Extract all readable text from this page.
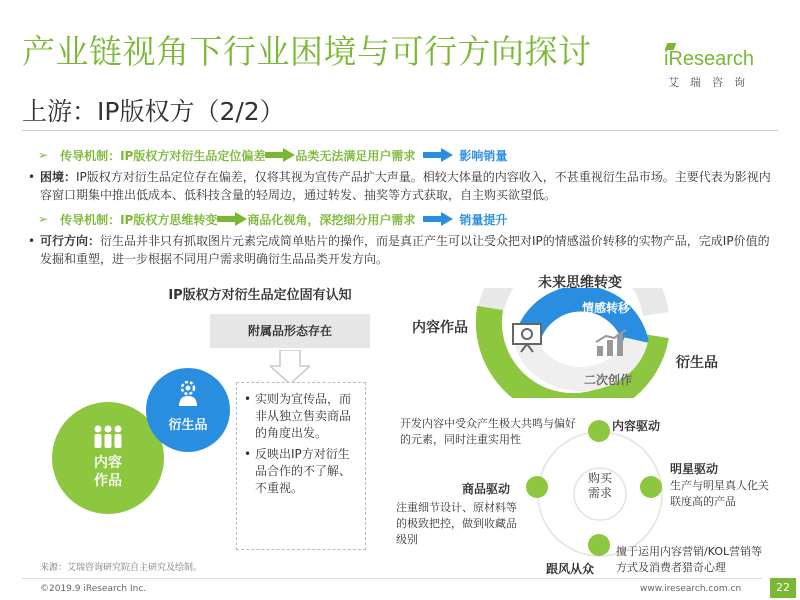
产业链视角下行业困境与可行方向探讨
上游：IP版权方（2/2）
iResearch
艾瑞咨询
➢ 传导机制：IP版权方对衍生品定位偏差	品类无法满足用户需求	影响销量
• 困境：IP版权方对衍生品定位存在偏差，仅将其视为宣传产品扩大声量。相较大体量的内容收入，不甚重视衍生品市场。主要代表为影视内容窗口期集中推出低成本、低科技含量的轻周边，通过转发、抽奖等方式获取，自主购买欲望低。
➢ 传导机制：IP版权方思维转变	商品化视角，深挖细分用户需求	销量提升
• 可行方向：衍生品并非只有抓取图片元素完成简单贴片的操作，而是真正产生可以让受众把对IP的情感溢价转移的实物产品，完成IP价值的发掘和重塑，进一步根据不同用户需求明确衍生品品类开发方向。
IP版权方对衍生品定位固有认知
附属品形态存在
• 实则为宣传品，而非从独立售卖商品的角度出发。
• 反映出IP方对衍生品合作的不了解、不重视。
内容
作品
衍生品
未来思维转变
内容作品
衍生品
情感转移
二次创作
购买
需求
内容驱动
开发内容中受众产生极大共鸣与偏好的元素，同时注重实用性
明星驱动
生产与明星真人化关联度高的产品
商品驱动
注重细节设计、原材料等的极致把控，做到收藏品级别
跟风从众
擅于运用内容营销/KOL营销等方式及消费者猎奇心理
来源：艾瑞咨询研究院自主研究及绘制。
©2019.9 iResearch Inc.	www.iresearch.com.cn	22
